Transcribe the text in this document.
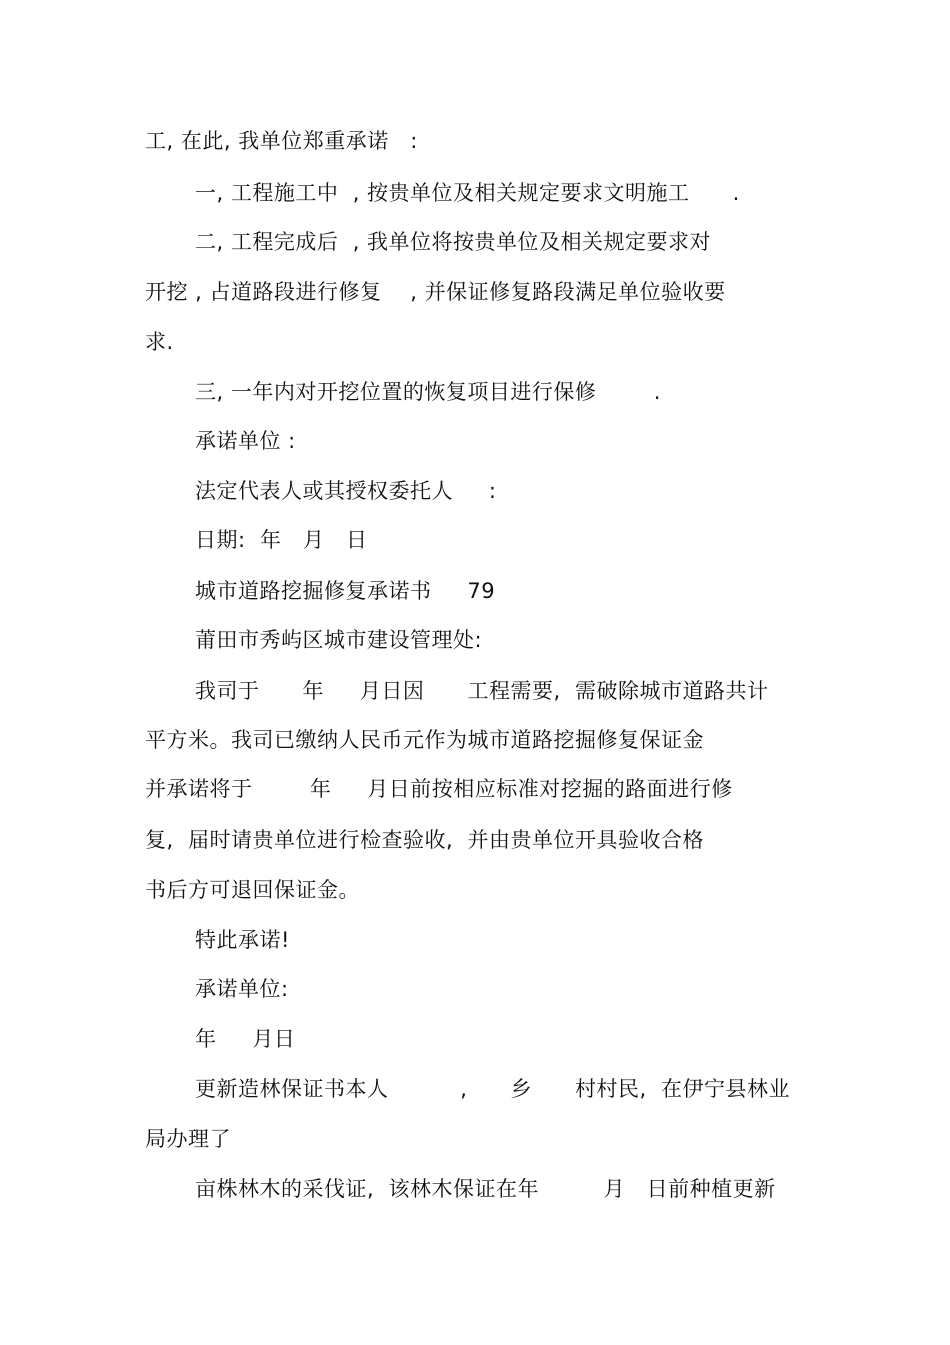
工, 在此, 我单位郑重承诺   :
一, 工程施工中  , 按贵单位及相关规定要求文明施工      .
二, 工程完成后  , 我单位将按贵单位及相关规定要求对
开挖 , 占道路段进行修复    , 并保证修复路段满足单位验收要
求.
三, 一年内对开挖位置的恢复项目进行保修        .
承诺单位 :
法定代表人或其授权委托人     :
日期:  年   月   日
城市道路挖掘修复承诺书     79
莆田市秀屿区城市建设管理处:
我司于      年     月日因      工程需要,  需破除城市道路共计
平方米。我司已缴纳人民币元作为城市道路挖掘修复保证金
并承诺将于        年     月日前按相应标准对挖掘的路面进行修
复,  届时请贵单位进行检查验收,  并由贵单位开具验收合格
书后方可退回保证金。
特此承诺!
承诺单位:
年     月日
更新造林保证书本人          ,      乡      村村民,  在伊宁县林业
局办理了
亩株林木的采伐证,  该林木保证在年         月   日前种植更新
